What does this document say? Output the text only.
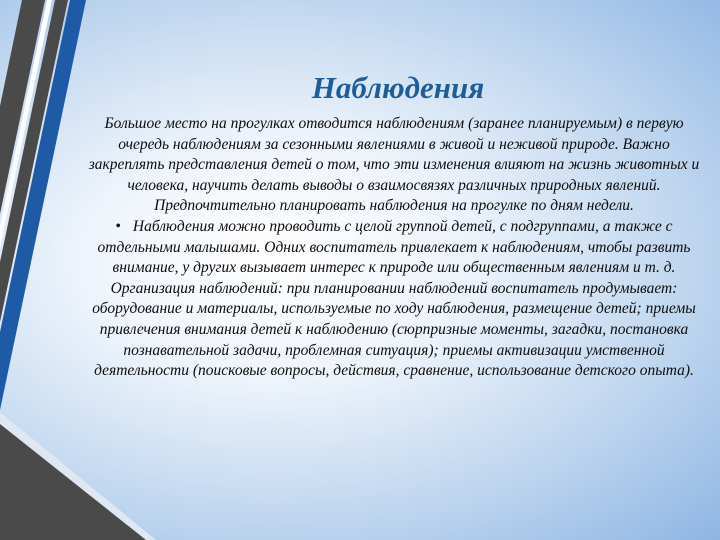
Наблюдения

Большое место на прогулках отводится наблюдениям (заранее планируемым) в первую очередь наблюдениям за сезонными явлениями в живой и неживой природе. Важно закреплять представления детей о том, что эти изменения влияют на жизнь животных и человека, научить делать выводы о взаимосвязях различных природных явлений. Предпочтительно планировать наблюдения на прогулке по дням недели.

• Наблюдения можно проводить с целой группой детей, с подгруппами, а также с отдельными малышами. Одних воспитатель привлекает к наблюдениям, чтобы развить внимание, у других вызывает интерес к природе или общественным явлениям и т. д. Организация наблюдений: при планировании наблюдений воспитатель продумывает: оборудование и материалы, используемые по ходу наблюдения, размещение детей; приемы привлечения внимания детей к наблюдению (сюрпризные моменты, загадки, постановка познавательной задачи, проблемная ситуация); приемы активизации умственной деятельности (поисковые вопросы, действия, сравнение, использование детского опыта).
